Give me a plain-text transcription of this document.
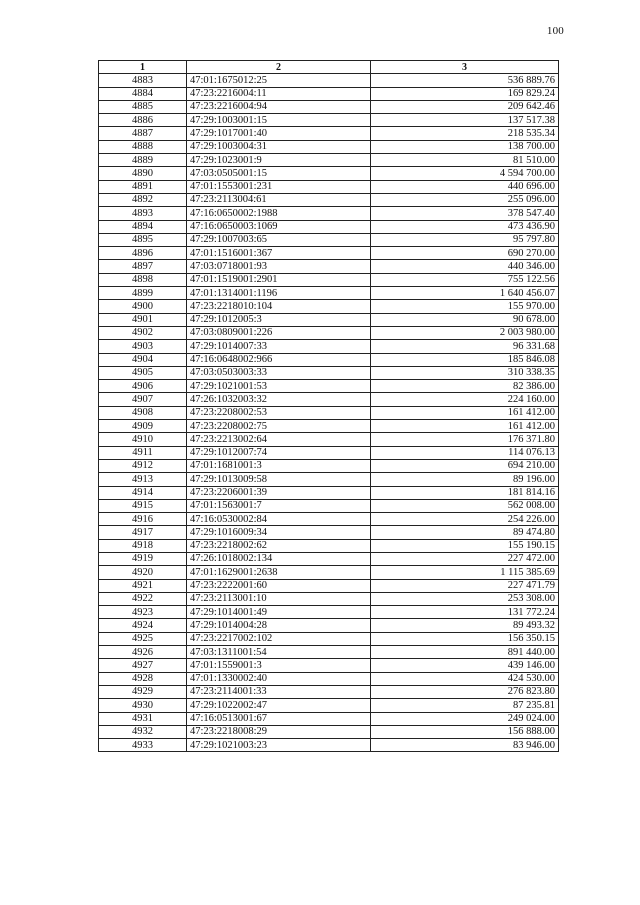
100
1	2	3
4883	47:01:1675012:25	536 889.76
4884	47:23:2216004:11	169 829.24
4885	47:23:2216004:94	209 642.46
4886	47:29:1003001:15	137 517.38
4887	47:29:1017001:40	218 535.34
4888	47:29:1003004:31	138 700.00
4889	47:29:1023001:9	81 510.00
4890	47:03:0505001:15	4 594 700.00
4891	47:01:1553001:231	440 696.00
4892	47:23:2113004:61	255 096.00
4893	47:16:0650002:1988	378 547.40
4894	47:16:0650003:1069	473 436.90
4895	47:29:1007003:65	95 797.80
4896	47:01:1516001:367	690 270.00
4897	47:03:0718001:93	440 346.00
4898	47:01:1519001:2901	755 122.56
4899	47:01:1314001:1196	1 640 456.07
4900	47:23:2218010:104	155 970.00
4901	47:29:1012005:3	90 678.00
4902	47:03:0809001:226	2 003 980.00
4903	47:29:1014007:33	96 331.68
4904	47:16:0648002:966	185 846.08
4905	47:03:0503003:33	310 338.35
4906	47:29:1021001:53	82 386.00
4907	47:26:1032003:32	224 160.00
4908	47:23:2208002:53	161 412.00
4909	47:23:2208002:75	161 412.00
4910	47:23:2213002:64	176 371.80
4911	47:29:1012007:74	114 076.13
4912	47:01:1681001:3	694 210.00
4913	47:29:1013009:58	89 196.00
4914	47:23:2206001:39	181 814.16
4915	47:01:1563001:7	562 008.00
4916	47:16:0530002:84	254 226.00
4917	47:29:1016009:34	89 474.80
4918	47:23:2218002:62	155 190.15
4919	47:26:1018002:134	227 472.00
4920	47:01:1629001:2638	1 115 385.69
4921	47:23:2222001:60	227 471.79
4922	47:23:2113001:10	253 308.00
4923	47:29:1014001:49	131 772.24
4924	47:29:1014004:28	89 493.32
4925	47:23:2217002:102	156 350.15
4926	47:03:1311001:54	891 440.00
4927	47:01:1559001:3	439 146.00
4928	47:01:1330002:40	424 530.00
4929	47:23:2114001:33	276 823.80
4930	47:29:1022002:47	87 235.81
4931	47:16:0513001:67	249 024.00
4932	47:23:2218008:29	156 888.00
4933	47:29:1021003:23	83 946.00
